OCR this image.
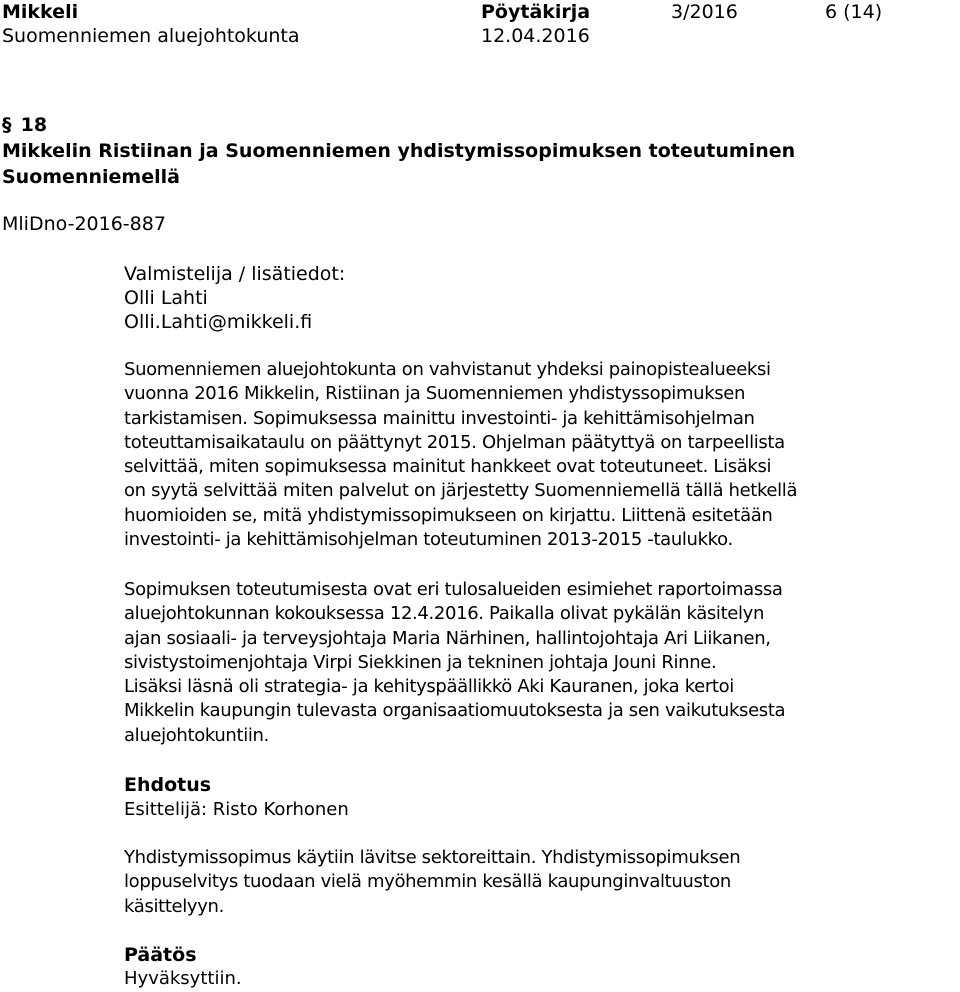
Mikkeli	Pöytäkirja	3/2016	6 (14)
Suomenniemen aluejohtokunta	12.04.2016
§ 18
Mikkelin Ristiinan ja Suomenniemen yhdistymissopimuksen toteutuminen
Suomenniemellä
MliDno-2016-887
Valmistelija / lisätiedot:
Olli Lahti
Olli.Lahti@mikkeli.fi
Suomenniemen aluejohtokunta on vahvistanut yhdeksi painopistealueeksi
vuonna 2016 Mikkelin, Ristiinan ja Suomenniemen yhdistyssopimuksen
tarkistamisen. Sopimuksessa mainittu investointi- ja kehittämisohjelman
toteuttamisaikataulu on päättynyt 2015. Ohjelman päätyttyä on tarpeellista
selvittää, miten sopimuksessa mainitut hankkeet ovat toteutuneet. Lisäksi
on syytä selvittää miten palvelut on järjestetty Suomenniemellä tällä hetkellä
huomioiden se, mitä yhdistymissopimukseen on kirjattu. Liittenä esitetään
investointi- ja kehittämisohjelman toteutuminen 2013-2015 -taulukko.
Sopimuksen toteutumisesta ovat eri tulosalueiden esimiehet raportoimassa
aluejohtokunnan kokouksessa 12.4.2016. Paikalla olivat pykälän käsitelyn
ajan sosiaali- ja terveysjohtaja Maria Närhinen, hallintojohtaja Ari Liikanen,
sivistystoimenjohtaja Virpi Siekkinen ja tekninen johtaja Jouni Rinne.
Lisäksi läsnä oli strategia- ja kehityspäällikkö Aki Kauranen, joka kertoi
Mikkelin kaupungin tulevasta organisaatiomuutoksesta ja sen vaikutuksesta
aluejohtokuntiin.
Ehdotus
Esittelijä: Risto Korhonen
Yhdistymissopimus käytiin lävitse sektoreittain. Yhdistymissopimuksen
loppuselvitys tuodaan vielä myöhemmin kesällä kaupunginvaltuuston
käsittelyyn.
Päätös
Hyväksyttiin.
